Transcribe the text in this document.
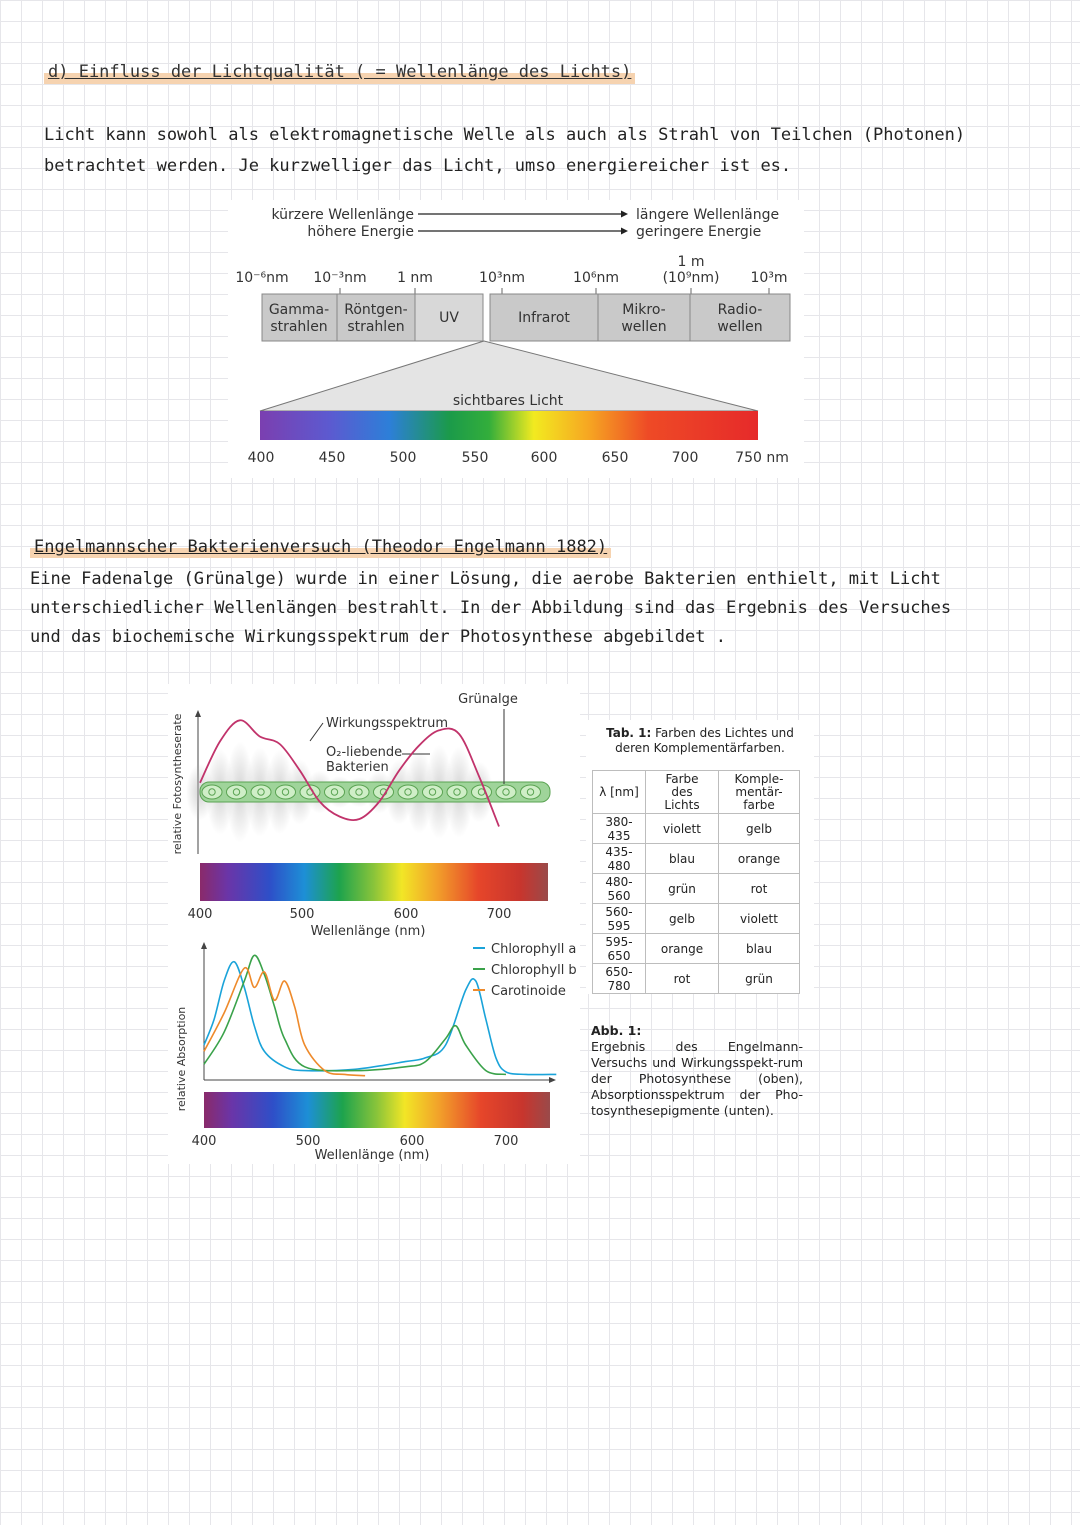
d) Einfluss der Lichtqualität ( = Wellenlänge des Lichts)

Licht kann sowohl als elektromagnetische Welle als auch als Strahl von Teilchen (Photonen)

betrachtet werden. Je kurzwelliger das Licht, umso energiereicher ist es.

kürzere Wellenlänge
höhere Energie
längere Wellenlänge
geringere Energie
10⁻⁶nm 10⁻³nm 1 nm	10³nm	10⁶nm
1 m
(10⁹nm) 10³m
Gamma-
strahlen
Röntgen-
strahlen
UV	Infrarot	Mikro-
wellen
Radio-
wellen
sichtbares Licht
400	450	500	550	600	650	700	750 nm
Engelmannscher Bakterienversuch (Theodor Engelmann 1882)

Eine Fadenalge (Grünalge) wurde in einer Lösung, die aerobe Bakterien enthielt, mit Licht

unterschiedlicher Wellenlängen bestrahlt. In der Abbildung sind das Ergebnis des Versuches

und das biochemische Wirkungsspektrum der Photosynthese abgebildet .

relative Fotosyntheserate
Grünalge
Wirkungsspektrum
O₂-liebende
Bakterien
400	500	600	700
Wellenlänge (nm)
relative Absorption
Chlorophyll a
Chlorophyll b
Carotinoide
400	500	600	700
Wellenlänge (nm)
Tab. 1: Farben des Lichtes und
deren Komplementärfarben.
λ [nm]	Farbe
des
Lichts	Komple-
mentär-
farbe
380-
435	violett	gelb
435-
480	blau	orange
480-
560	grün	rot
560-
595	gelb	violett
595-
650	orange	blau
650-
780	rot	grün
Abb. 1:
Ergebnis des Engelmann-Versuchs und Wirkungsspekt-rum der Photosynthese (oben), Absorptionsspektrum der Pho-tosynthesepigmente (unten).
